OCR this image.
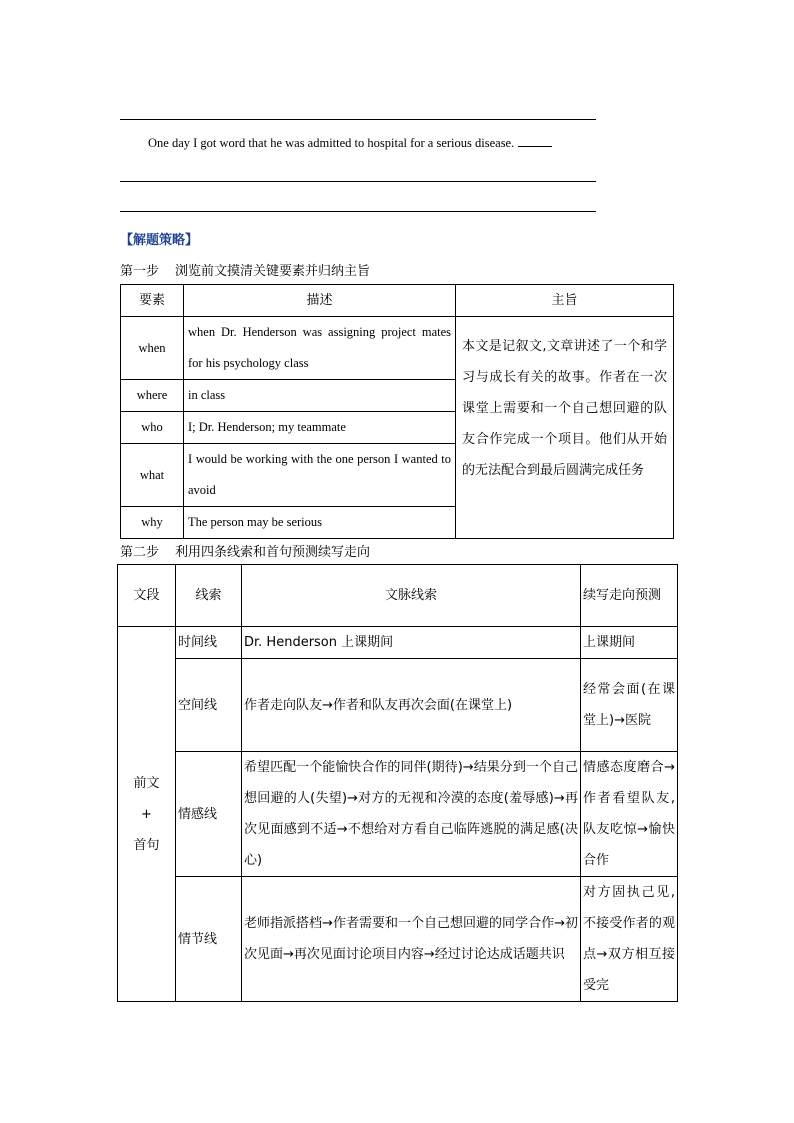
One day I got word that he was admitted to hospital for a serious disease.
【解题策略】
第一步 浏览前文摸清关键要素并归纳主旨
要素	描述	主旨
when	when Dr. Henderson was assigning project mates for his psychology class	本文是记叙文,文章讲述了一个和学习与成长有关的故事。作者在一次课堂上需要和一个自己想回避的队友合作完成一个项目。他们从开始的无法配合到最后圆满完成任务
where	in class	
who	I; Dr. Henderson; my teammate	
what	I would be working with the one person I wanted to avoid	
why	The person may be serious	
第二步 利用四条线索和首句预测续写走向
文段	线索	文脉线索	续写走向预测

前文
+
首句	时间线	Dr. Henderson 上课期间	上课期间
	空间线	作者走向队友→作者和队友再次会面(在课堂上)	经常会面(在课堂上)→医院
	情感线	希望匹配一个能愉快合作的同伴(期待)→结果分到一个自己想回避的人(失望)→对方的无视和冷漠的态度(羞辱感)→再次见面感到不适→不想给对方看自己临阵逃脱的满足感(决心)	情感态度磨合→作者看望队友,队友吃惊→愉快合作
	情节线	老师指派搭档→作者需要和一个自己想回避的同学合作→初次见面→再次见面讨论项目内容→经过讨论达成话题共识	对方固执己见,不接受作者的观点→双方相互接受完
